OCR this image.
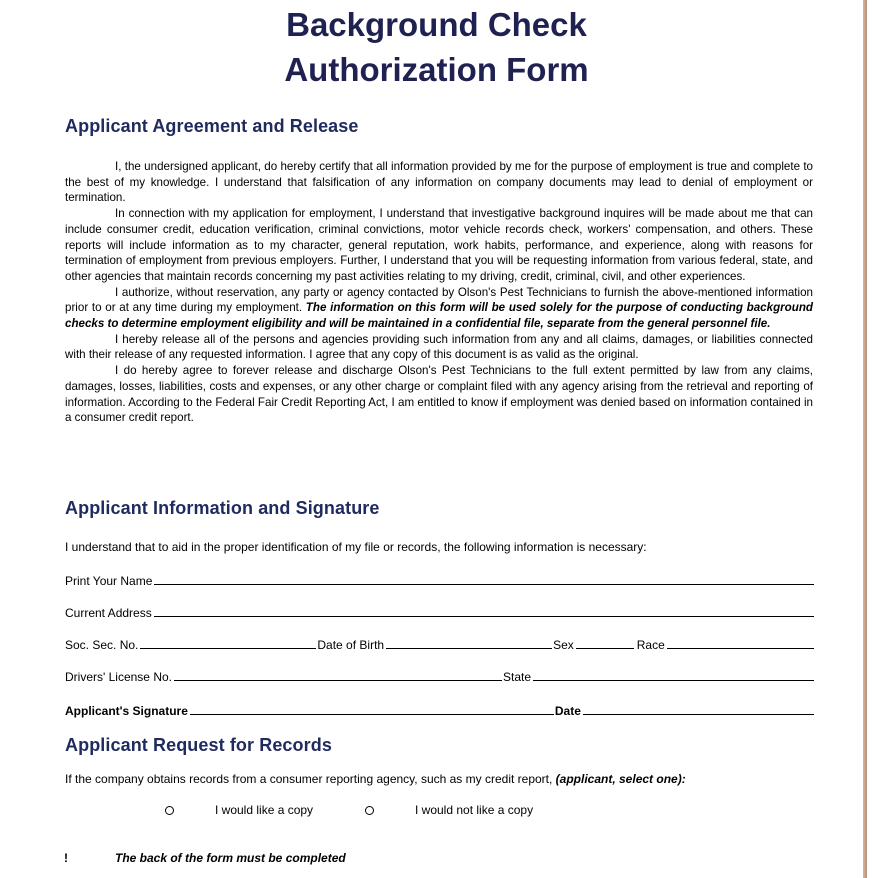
Background Check
Authorization Form
Applicant Agreement and Release

I, the undersigned applicant, do hereby certify that all information provided by me for the purpose of employment is true and complete to the best of my knowledge. I understand that falsification of any information on company documents may lead to denial of employment or termination.

In connection with my application for employment, I understand that investigative background inquires will be made about me that can include consumer credit, education verification, criminal convictions, motor vehicle records check, workers' compensation, and others. These reports will include information as to my character, general reputation, work habits, performance, and experience, along with reasons for termination of employment from previous employers. Further, I understand that you will be requesting information from various federal, state, and other agencies that maintain records concerning my past activities relating to my driving, credit, criminal, civil, and other experiences.

I authorize, without reservation, any party or agency contacted by Olson's Pest Technicians to furnish the above-mentioned information prior to or at any time during my employment. The information on this form will be used solely for the purpose of conducting background checks to determine employment eligibility and will be maintained in a confidential file, separate from the general personnel file.

I hereby release all of the persons and agencies providing such information from any and all claims, damages, or liabilities connected with their release of any requested information. I agree that any copy of this document is as valid as the original.

I do hereby agree to forever release and discharge Olson's Pest Technicians to the full extent permitted by law from any claims, damages, losses, liabilities, costs and expenses, or any other charge or complaint filed with any agency arising from the retrieval and reporting of information. According to the Federal Fair Credit Reporting Act, I am entitled to know if employment was denied based on information contained in a consumer credit report.

Applicant Information and Signature
I understand that to aid in the proper identification of my file or records, the following information is necessary:
Print Your Name
Current Address
Soc. Sec. No.	Date of Birth	Sex	Race
Drivers' License No.	State
Applicant's Signature	Date
Applicant Request for Records
If the company obtains records from a consumer reporting agency, such as my credit report, (applicant, select one):
I would like a copy	I would not like a copy
!	The back of the form must be completed
